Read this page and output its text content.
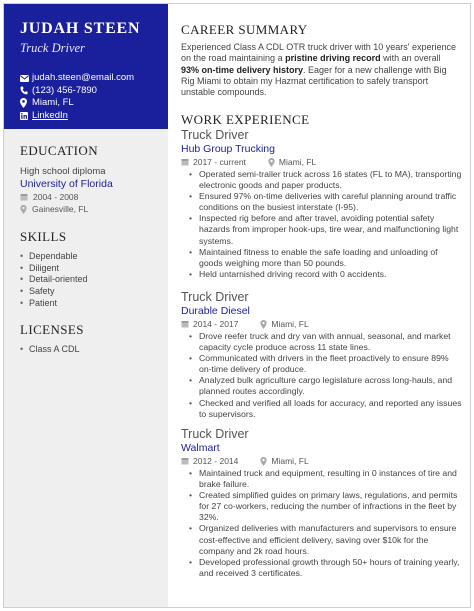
JUDAH STEEN
Truck Driver
judah.steen@email.com
(123) 456-7890
Miami, FL
LinkedIn
EDUCATION
High school diploma
University of Florida
2004 - 2008
Gainesville, FL
SKILLS
• Dependable
• Diligent
• Detail-oriented
• Safety
• Patient
LICENSES
• Class A CDL
CAREER SUMMARY

Experienced Class A CDL OTR truck driver with 10 years' experience on the road maintaining a pristine driving record with an overall 93% on-time delivery history. Eager for a new challenge with Big Rig Miami to obtain my Hazmat certification to safely transport unstable compounds.

WORK EXPERIENCE
Truck Driver
Hub Group Trucking
2017 - current	Miami, FL
• Operated semi-trailer truck across 16 states (FL to MA), transporting electronic goods and paper products.
• Ensured 97% on-time deliveries with careful planning around traffic conditions on the busiest interstate (I-95).
• Inspected rig before and after travel, avoiding potential safety hazards from improper hook-ups, tire wear, and malfunctioning light systems.
• Maintained fitness to enable the safe loading and unloading of goods weighing more than 50 pounds.
• Held untarnished driving record with 0 accidents.
Truck Driver
Durable Diesel
2014 - 2017	Miami, FL
• Drove reefer truck and dry van with annual, seasonal, and market capacity cycle produce across 11 state lines.
• Communicated with drivers in the fleet proactively to ensure 89% on-time delivery of produce.
• Analyzed bulk agriculture cargo legislature across long-hauls, and planned routes accordingly.
• Checked and verified all loads for accuracy, and reported any issues to supervisors.
Truck Driver
Walmart
2012 - 2014	Miami, FL
• Maintained truck and equipment, resulting in 0 instances of tire and brake failure.
• Created simplified guides on primary laws, regulations, and permits for 27 co-workers, reducing the number of infractions in the fleet by 32%.
• Organized deliveries with manufacturers and supervisors to ensure cost-effective and efficient delivery, saving over $10k for the company and 2k road hours.
• Developed professional growth through 50+ hours of training yearly, and received 3 certificates.
